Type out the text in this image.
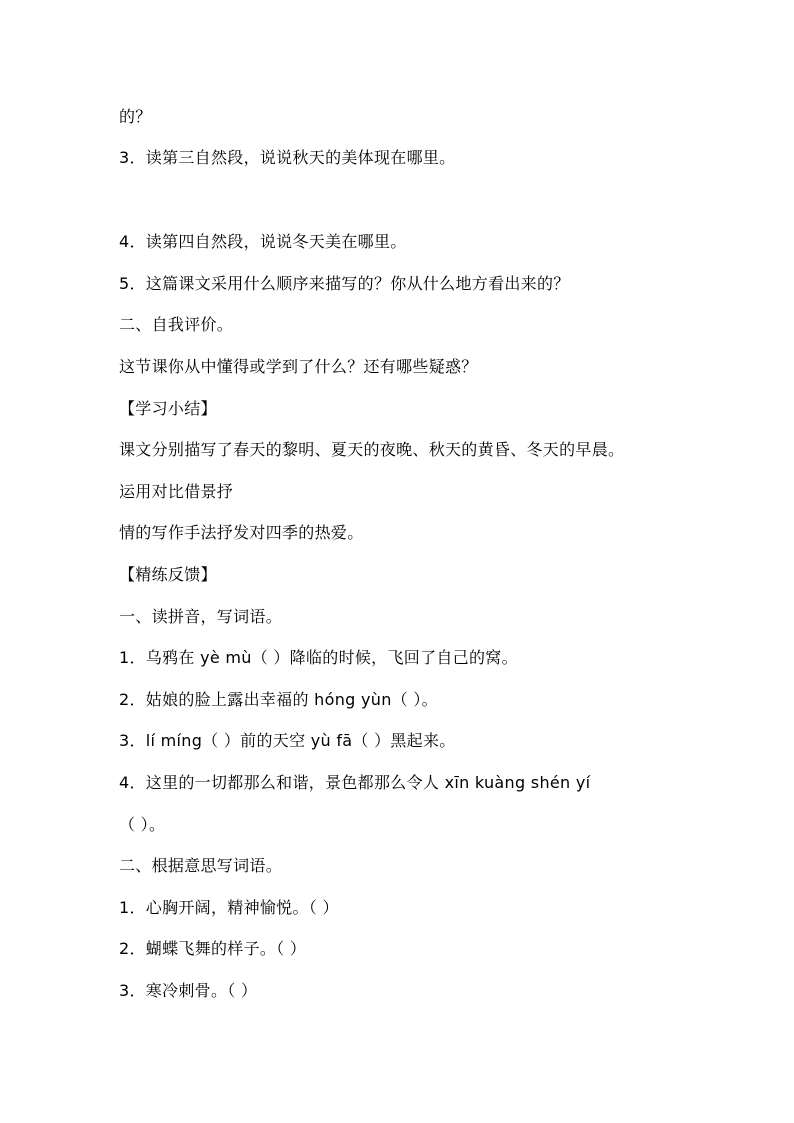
的？
3．读第三自然段，说说秋天的美体现在哪里。
4．读第四自然段，说说冬天美在哪里。
5．这篇课文采用什么顺序来描写的？你从什么地方看出来的？
二、自我评价。
这节课你从中懂得或学到了什么？还有哪些疑惑？
【学习小结】
课文分别描写了春天的黎明、夏天的夜晚、秋天的黄昏、冬天的早晨。
运用对比借景抒
情的写作手法抒发对四季的热爱。
【精练反馈】
一、读拼音，写词语。
1．乌鸦在 yè mù（ ）降临的时候，飞回了自己的窝。
2．姑娘的脸上露出幸福的 hóng yùn（ ）。
3．lí míng（ ）前的天空 yù fā（ ）黑起来。
4．这里的一切都那么和谐，景色都那么令人 xīn kuàng shén yí
（ ）。
二、根据意思写词语。
1．心胸开阔，精神愉悦。（ ）
2．蝴蝶飞舞的样子。（ ）
3．寒冷刺骨。（ ）
